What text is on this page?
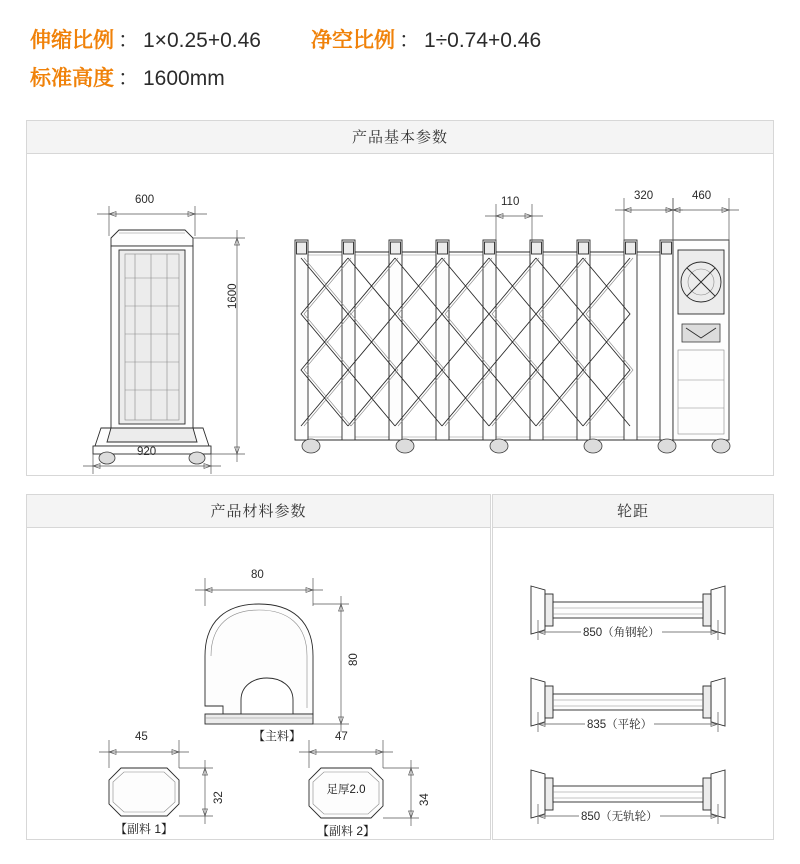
伸缩比例 ： 1×0.25+0.46 净空比例 ： 1÷0.74+0.46
标准高度 ： 1600mm
产品基本参数
600
1600
920
110	320	460
产品材料参数
80
80
【主料】
45
32
【副料 1】
47
34
足厚2.0
【副料 2】
轮距
850（角钢轮）
835（平轮）
850（无轨轮）
